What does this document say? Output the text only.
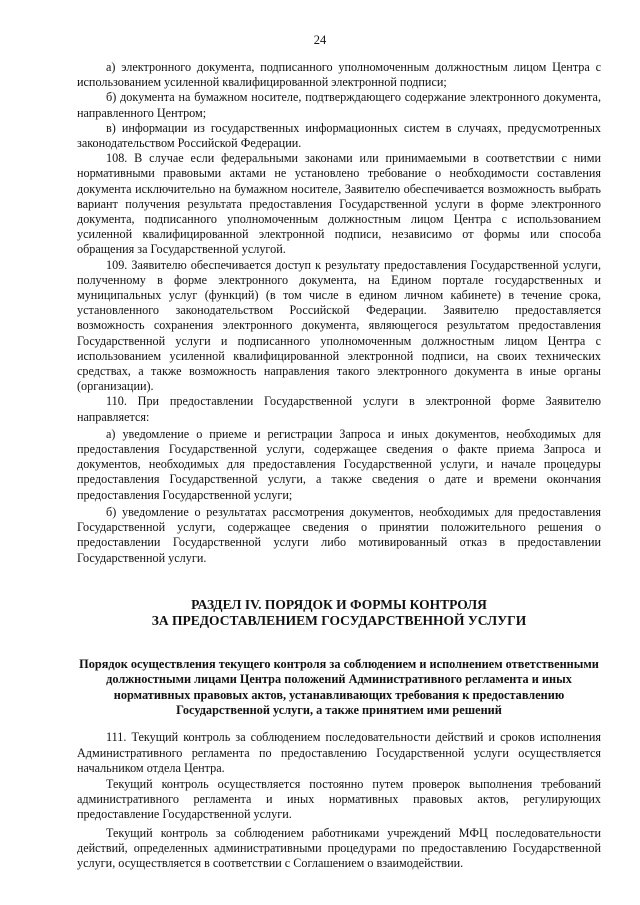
24

а) электронного документа, подписанного уполномоченным должностным лицом Центра с использованием усиленной квалифицированной электронной подписи;

б) документа на бумажном носителе, подтверждающего содержание электронного документа, направленного Центром;

в) информации из государственных информационных систем в случаях, предусмотренных законодательством Российской Федерации.

108. В случае если федеральными законами или принимаемыми в соответствии с ними нормативными правовыми актами не установлено требование о необходимости составления документа исключительно на бумажном носителе, Заявителю обеспечивается возможность выбрать вариант получения результата предоставления Государственной услуги в форме электронного документа, подписанного уполномоченным должностным лицом Центра с использованием усиленной квалифицированной электронной подписи, независимо от формы или способа обращения за Государственной услугой.

109. Заявителю обеспечивается доступ к результату предоставления Государственной услуги, полученному в форме электронного документа, на Едином портале государственных и муниципальных услуг (функций) (в том числе в едином личном кабинете) в течение срока, установленного законодательством Российской Федерации. Заявителю предоставляется возможность сохранения электронного документа, являющегося результатом предоставления Государственной услуги и подписанного уполномоченным должностным лицом Центра с использованием усиленной квалифицированной электронной подписи, на своих технических средствах, а также возможность направления такого электронного документа в иные органы (организации).

110. При предоставлении Государственной услуги в электронной форме Заявителю направляется:

а) уведомление о приеме и регистрации Запроса и иных документов, необходимых для предоставления Государственной услуги, содержащее сведения о факте приема Запроса и документов, необходимых для предоставления Государственной услуги, и начале процедуры предоставления Государственной услуги, а также сведения о дате и времени окончания предоставления Государственной услуги;

б) уведомление о результатах рассмотрения документов, необходимых для предоставления Государственной услуги, содержащее сведения о принятии положительного решения о предоставлении Государственной услуги либо мотивированный отказ в предоставлении Государственной услуги.

РАЗДЕЛ IV. ПОРЯДОК И ФОРМЫ КОНТРОЛЯ
ЗА ПРЕДОСТАВЛЕНИЕМ ГОСУДАРСТВЕННОЙ УСЛУГИ
Порядок осуществления текущего контроля за соблюдением и исполнением ответственными должностными лицами Центра положений Административного регламента и иных нормативных правовых актов, устанавливающих требования к предоставлению Государственной услуги, а также принятием ими решений

111. Текущий контроль за соблюдением последовательности действий и сроков исполнения Административного регламента по предоставлению Государственной услуги осуществляется начальником отдела Центра.

Текущий контроль осуществляется постоянно путем проверок выполнения требований административного регламента и иных нормативных правовых актов, регулирующих предоставление Государственной услуги.

Текущий контроль за соблюдением работниками учреждений МФЦ последовательности действий, определенных административными процедурами по предоставлению Государственной услуги, осуществляется в соответствии с Соглашением о взаимодействии.
